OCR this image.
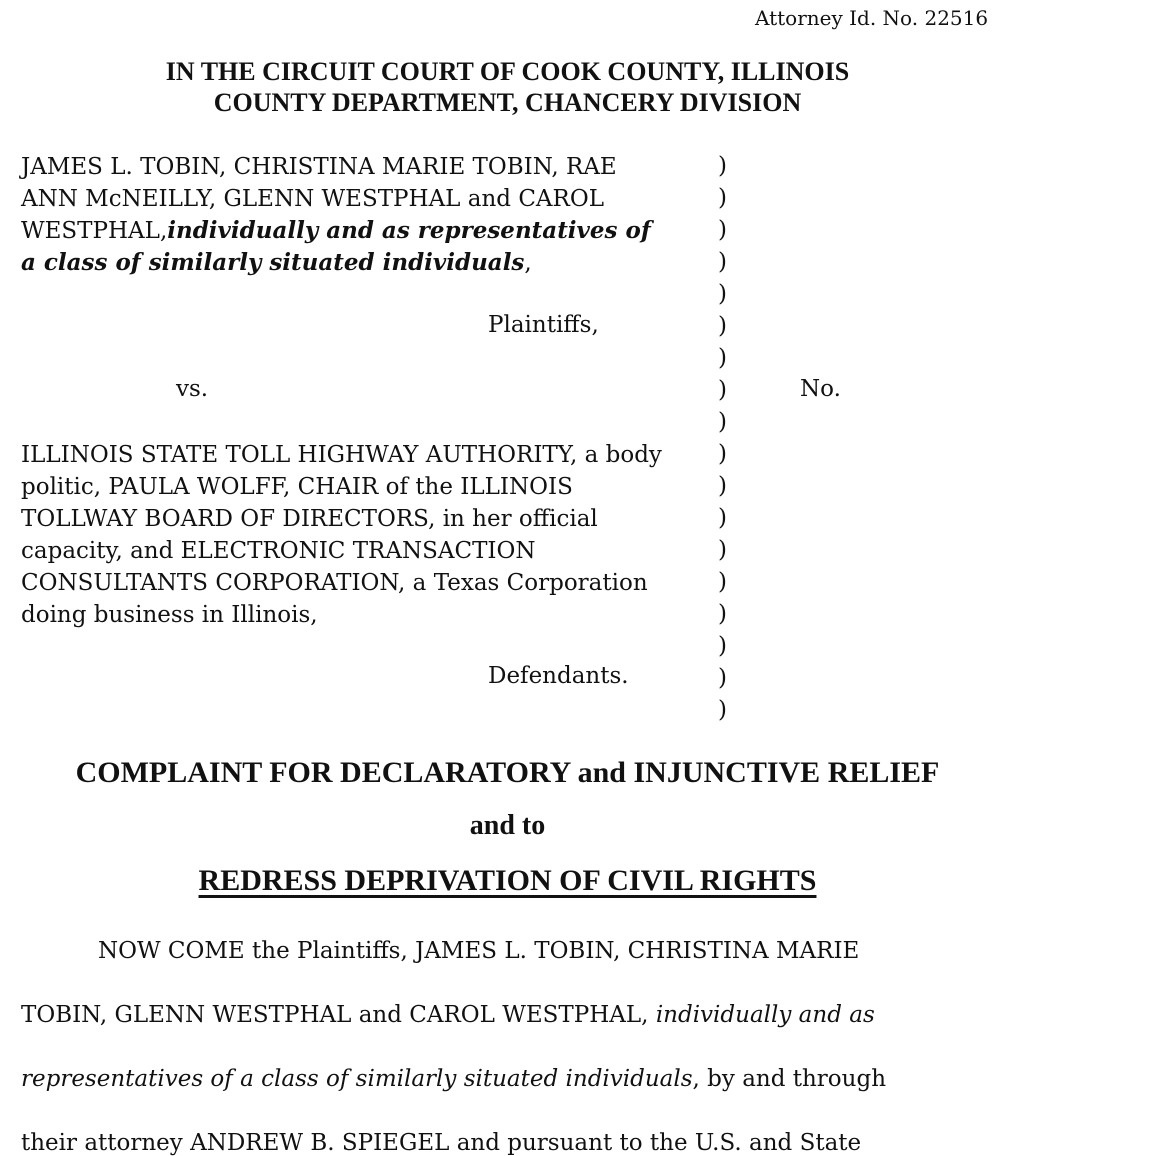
Attorney Id. No. 22516
IN THE CIRCUIT COURT OF COOK COUNTY, ILLINOIS
COUNTY DEPARTMENT, CHANCERY DIVISION
JAMES L. TOBIN, CHRISTINA MARIE TOBIN, RAE
ANN McNEILLY, GLENN WESTPHAL and CAROL
WESTPHAL,individually and as representatives of
a class of similarly situated individuals,
Plaintiffs,
vs.	No.
ILLINOIS STATE TOLL HIGHWAY AUTHORITY, a body
politic, PAULA WOLFF, CHAIR of the ILLINOIS
TOLLWAY BOARD OF DIRECTORS, in her official
capacity, and ELECTRONIC TRANSACTION
CONSULTANTS CORPORATION, a Texas Corporation
doing business in Illinois,
Defendants.
)
)
)
)
)
)
)
)
)
)
)
)
)
)
)
)
)
)
COMPLAINT FOR DECLARATORY and INJUNCTIVE RELIEF
and to
REDRESS DEPRIVATION OF CIVIL RIGHTS
NOW COME the Plaintiffs, JAMES L. TOBIN, CHRISTINA MARIE
TOBIN, GLENN WESTPHAL and CAROL WESTPHAL, individually and as
representatives of a class of similarly situated individuals, by and through
their attorney ANDREW B. SPIEGEL and pursuant to the U.S. and State
